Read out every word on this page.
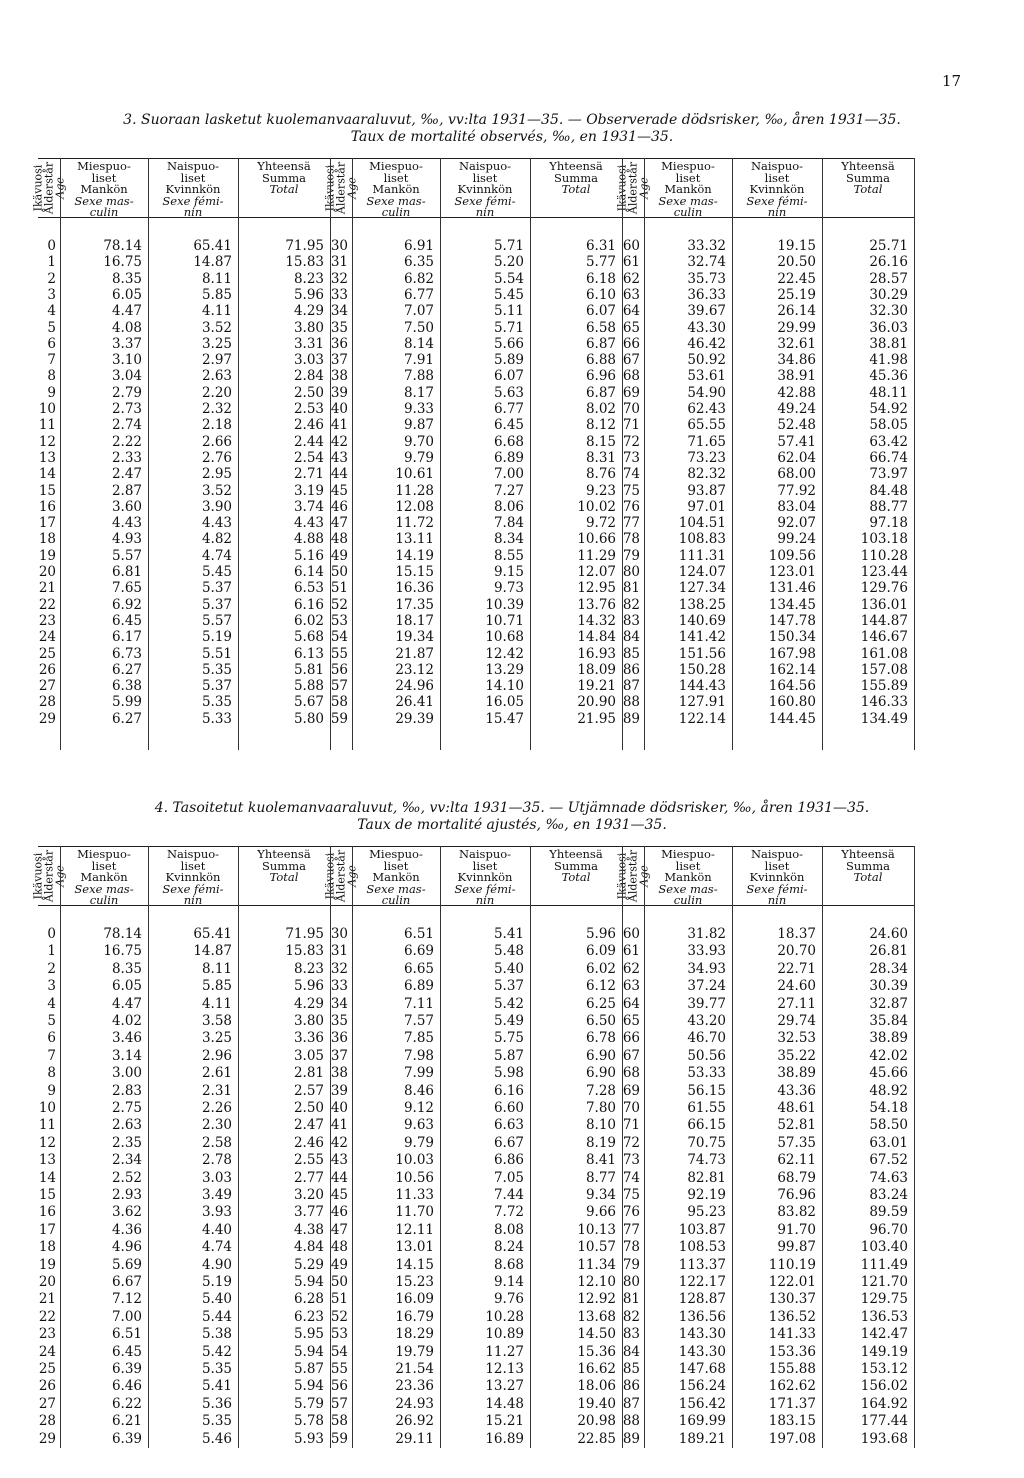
17
3. Suoraan lasketut kuolemanvaaraluvut, ‰, vv:lta 1931—35. — Observerade dödsrisker, ‰, åren 1931—35.
Taux de mortalité observés, ‰, en 1931—35.
Ikävuosi
Ålderstår
Age
Miespuo-
liset
Mankön
Sexe mas-
culin
Naispuo-
liset
Kvinnkön
Sexe fémi-
nin
Yhteensä
Summa
Total
0	78.14	65.41	71.95
1	16.75	14.87	15.83
2	8.35	8.11	8.23
3	6.05	5.85	5.96
4	4.47	4.11	4.29
5	4.08	3.52	3.80
6	3.37	3.25	3.31
7	3.10	2.97	3.03
8	3.04	2.63	2.84
9	2.79	2.20	2.50
10	2.73	2.32	2.53
11	2.74	2.18	2.46
12	2.22	2.66	2.44
13	2.33	2.76	2.54
14	2.47	2.95	2.71
15	2.87	3.52	3.19
16	3.60	3.90	3.74
17	4.43	4.43	4.43
18	4.93	4.82	4.88
19	5.57	4.74	5.16
20	6.81	5.45	6.14
21	7.65	5.37	6.53
22	6.92	5.37	6.16
23	6.45	5.57	6.02
24	6.17	5.19	5.68
25	6.73	5.51	6.13
26	6.27	5.35	5.81
27	6.38	5.37	5.88
28	5.99	5.35	5.67
29	6.27	5.33	5.80
Ikävuosi
Ålderstår
Age
Miespuo-
liset
Mankön
Sexe mas-
culin
Naispuo-
liset
Kvinnkön
Sexe fémi-
nin
Yhteensä
Summa
Total
30	6.91	5.71	6.31
31	6.35	5.20	5.77
32	6.82	5.54	6.18
33	6.77	5.45	6.10
34	7.07	5.11	6.07
35	7.50	5.71	6.58
36	8.14	5.66	6.87
37	7.91	5.89	6.88
38	7.88	6.07	6.96
39	8.17	5.63	6.87
40	9.33	6.77	8.02
41	9.87	6.45	8.12
42	9.70	6.68	8.15
43	9.79	6.89	8.31
44	10.61	7.00	8.76
45	11.28	7.27	9.23
46	12.08	8.06	10.02
47	11.72	7.84	9.72
48	13.11	8.34	10.66
49	14.19	8.55	11.29
50	15.15	9.15	12.07
51	16.36	9.73	12.95
52	17.35	10.39	13.76
53	18.17	10.71	14.32
54	19.34	10.68	14.84
55	21.87	12.42	16.93
56	23.12	13.29	18.09
57	24.96	14.10	19.21
58	26.41	16.05	20.90
59	29.39	15.47	21.95
Ikävuosi
Ålderstår
Age
Miespuo-
liset
Mankön
Sexe mas-
culin
Naispuo-
liset
Kvinnkön
Sexe fémi-
nin
Yhteensä
Summa
Total
60	33.32	19.15	25.71
61	32.74	20.50	26.16
62	35.73	22.45	28.57
63	36.33	25.19	30.29
64	39.67	26.14	32.30
65	43.30	29.99	36.03
66	46.42	32.61	38.81
67	50.92	34.86	41.98
68	53.61	38.91	45.36
69	54.90	42.88	48.11
70	62.43	49.24	54.92
71	65.55	52.48	58.05
72	71.65	57.41	63.42
73	73.23	62.04	66.74
74	82.32	68.00	73.97
75	93.87	77.92	84.48
76	97.01	83.04	88.77
77	104.51	92.07	97.18
78	108.83	99.24	103.18
79	111.31	109.56	110.28
80	124.07	123.01	123.44
81	127.34	131.46	129.76
82	138.25	134.45	136.01
83	140.69	147.78	144.87
84	141.42	150.34	146.67
85	151.56	167.98	161.08
86	150.28	162.14	157.08
87	144.43	164.56	155.89
88	127.91	160.80	146.33
89	122.14	144.45	134.49
4. Tasoitetut kuolemanvaaraluvut, ‰, vv:lta 1931—35. — Utjämnade dödsrisker, ‰, åren 1931—35.
Taux de mortalité ajustés, ‰, en 1931—35.
Ikävuosi
Ålderstår
Age
Miespuo-
liset
Mankön
Sexe mas-
culin
Naispuo-
liset
Kvinnkön
Sexe fémi-
nin
Yhteensä
Summa
Total
0	78.14	65.41	71.95
1	16.75	14.87	15.83
2	8.35	8.11	8.23
3	6.05	5.85	5.96
4	4.47	4.11	4.29
5	4.02	3.58	3.80
6	3.46	3.25	3.36
7	3.14	2.96	3.05
8	3.00	2.61	2.81
9	2.83	2.31	2.57
10	2.75	2.26	2.50
11	2.63	2.30	2.47
12	2.35	2.58	2.46
13	2.34	2.78	2.55
14	2.52	3.03	2.77
15	2.93	3.49	3.20
16	3.62	3.93	3.77
17	4.36	4.40	4.38
18	4.96	4.74	4.84
19	5.69	4.90	5.29
20	6.67	5.19	5.94
21	7.12	5.40	6.28
22	7.00	5.44	6.23
23	6.51	5.38	5.95
24	6.45	5.42	5.94
25	6.39	5.35	5.87
26	6.46	5.41	5.94
27	6.22	5.36	5.79
28	6.21	5.35	5.78
29	6.39	5.46	5.93
Ikävuosi
Ålderstår
Age
Miespuo-
liset
Mankön
Sexe mas-
culin
Naispuo-
liset
Kvinnkön
Sexe fémi-
nin
Yhteensä
Summa
Total
30	6.51	5.41	5.96
31	6.69	5.48	6.09
32	6.65	5.40	6.02
33	6.89	5.37	6.12
34	7.11	5.42	6.25
35	7.57	5.49	6.50
36	7.85	5.75	6.78
37	7.98	5.87	6.90
38	7.99	5.98	6.90
39	8.46	6.16	7.28
40	9.12	6.60	7.80
41	9.63	6.63	8.10
42	9.79	6.67	8.19
43	10.03	6.86	8.41
44	10.56	7.05	8.77
45	11.33	7.44	9.34
46	11.70	7.72	9.66
47	12.11	8.08	10.13
48	13.01	8.24	10.57
49	14.15	8.68	11.34
50	15.23	9.14	12.10
51	16.09	9.76	12.92
52	16.79	10.28	13.68
53	18.29	10.89	14.50
54	19.79	11.27	15.36
55	21.54	12.13	16.62
56	23.36	13.27	18.06
57	24.93	14.48	19.40
58	26.92	15.21	20.98
59	29.11	16.89	22.85
Ikävuosi
Ålderstår
Age
Miespuo-
liset
Mankön
Sexe mas-
culin
Naispuo-
liset
Kvinnkön
Sexe fémi-
nin
Yhteensä
Summa
Total
60	31.82	18.37	24.60
61	33.93	20.70	26.81
62	34.93	22.71	28.34
63	37.24	24.60	30.39
64	39.77	27.11	32.87
65	43.20	29.74	35.84
66	46.70	32.53	38.89
67	50.56	35.22	42.02
68	53.33	38.89	45.66
69	56.15	43.36	48.92
70	61.55	48.61	54.18
71	66.15	52.81	58.50
72	70.75	57.35	63.01
73	74.73	62.11	67.52
74	82.81	68.79	74.63
75	92.19	76.96	83.24
76	95.23	83.82	89.59
77	103.87	91.70	96.70
78	108.53	99.87	103.40
79	113.37	110.19	111.49
80	122.17	122.01	121.70
81	128.87	130.37	129.75
82	136.56	136.52	136.53
83	143.30	141.33	142.47
84	143.30	153.36	149.19
85	147.68	155.88	153.12
86	156.24	162.62	156.02
87	156.42	171.37	164.92
88	169.99	183.15	177.44
89	189.21	197.08	193.68
